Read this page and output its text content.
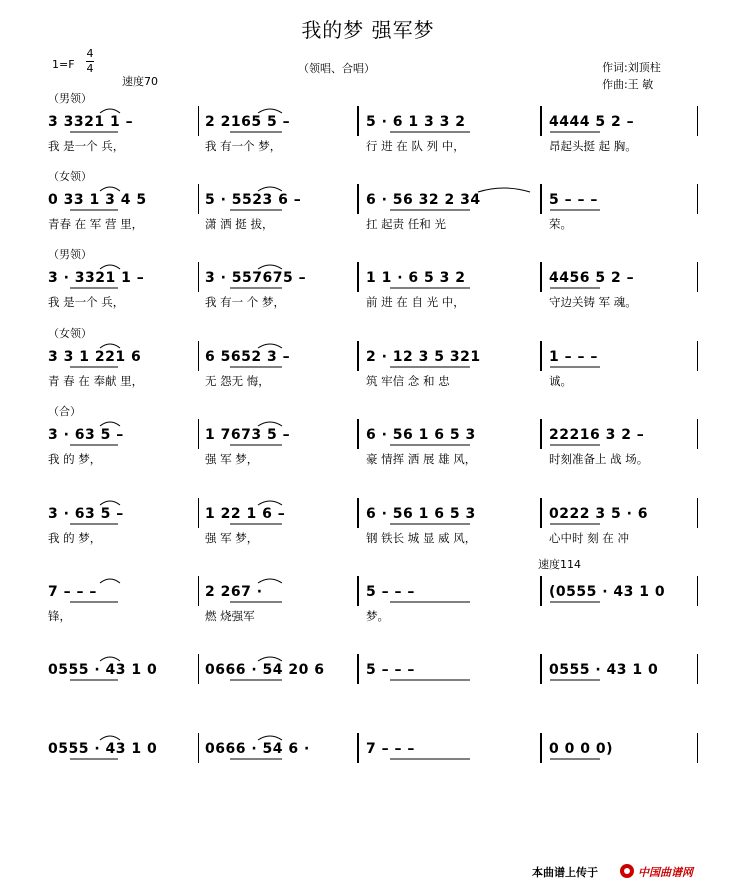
我的梦 强军梦
1=F
4
4
速度70
（领唱、合唱）	作词:刘顶柱
作曲:王 敏
（男领）
3 3321 1 –	2 2165 5 –	5 · 6 1 3 3 2	4444 5 2 –
我 是一个 兵，	我 有一个 梦，	行 进 在 队 列 中，	昂起头挺 起 胸。
（女领）
0 33 1 3 4 5	5 · 5523 6 –	6 · 56 32 2 34	5 – – –
青春 在 军 营 里，	潇 洒 挺 拔，	扛 起责 任和 光	荣。
（男领）
3 · 3321 1 –	3 · 557675 –	1 1 · 6 5 3 2	4456 5 2 –
我 是一个 兵，	我 有一 个 梦，	前 进 在 自 光 中，	守边关铸 军 魂。
（女领）
3 3 1 221 6	6 5652 3 –	2 · 12 3 5 321	1 – – –
青 春 在 奉献 里，	无 怨无 悔，	筑 牢信 念 和 忠	诚。
（合）
3 · 63 5 –	1 7673 5 –	6 · 56 1 6 5 3	22216 3 2 –
我 的 梦，	强 军 梦，	豪 情挥 洒 展 雄 风，	时刻准备上 战 场。
3 · 63 5 –	1 22 1 6 –	6 · 56 1 6 5 3	0222 3 5 · 6
我 的 梦，	强 军 梦，	钢 铁长 城 显 威 风，	心中时 刻 在 冲
速度114
7 – – –	2 267 ·	5 – – –	(0555 · 43 1 0
锋，	燃 烧强军	梦。
0555 · 43 1 0	0666 · 54 20 6	5 – – –	0555 · 43 1 0
0555 · 43 1 0	0666 · 54 6 ·	7 – – –	0 0 0 0)
本曲谱上传于	中国曲谱网
